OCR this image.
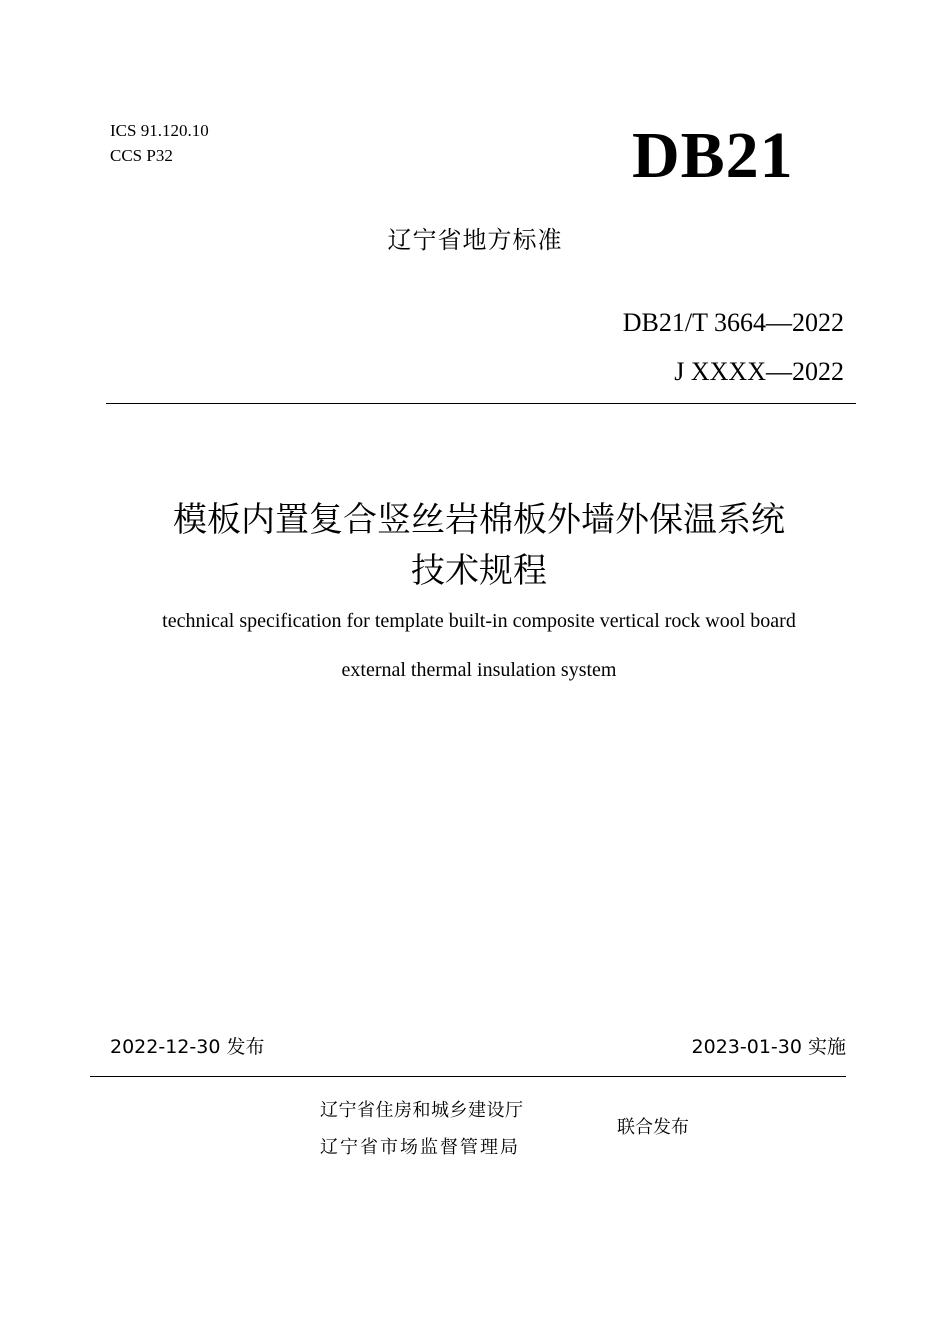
ICS 91.120.10
CCS P32	DB21
辽宁省地方标准
DB21/T 3664—2022
J XXXX—2022
模板内置复合竖丝岩棉板外墙外保温系统
技术规程
technical specification for template built-in composite vertical rock wool board
external thermal insulation system
2022-12-30 发布	2023-01-30 实施
辽宁省住房和城乡建设厅
辽宁省市场监督管理局
联合发布
